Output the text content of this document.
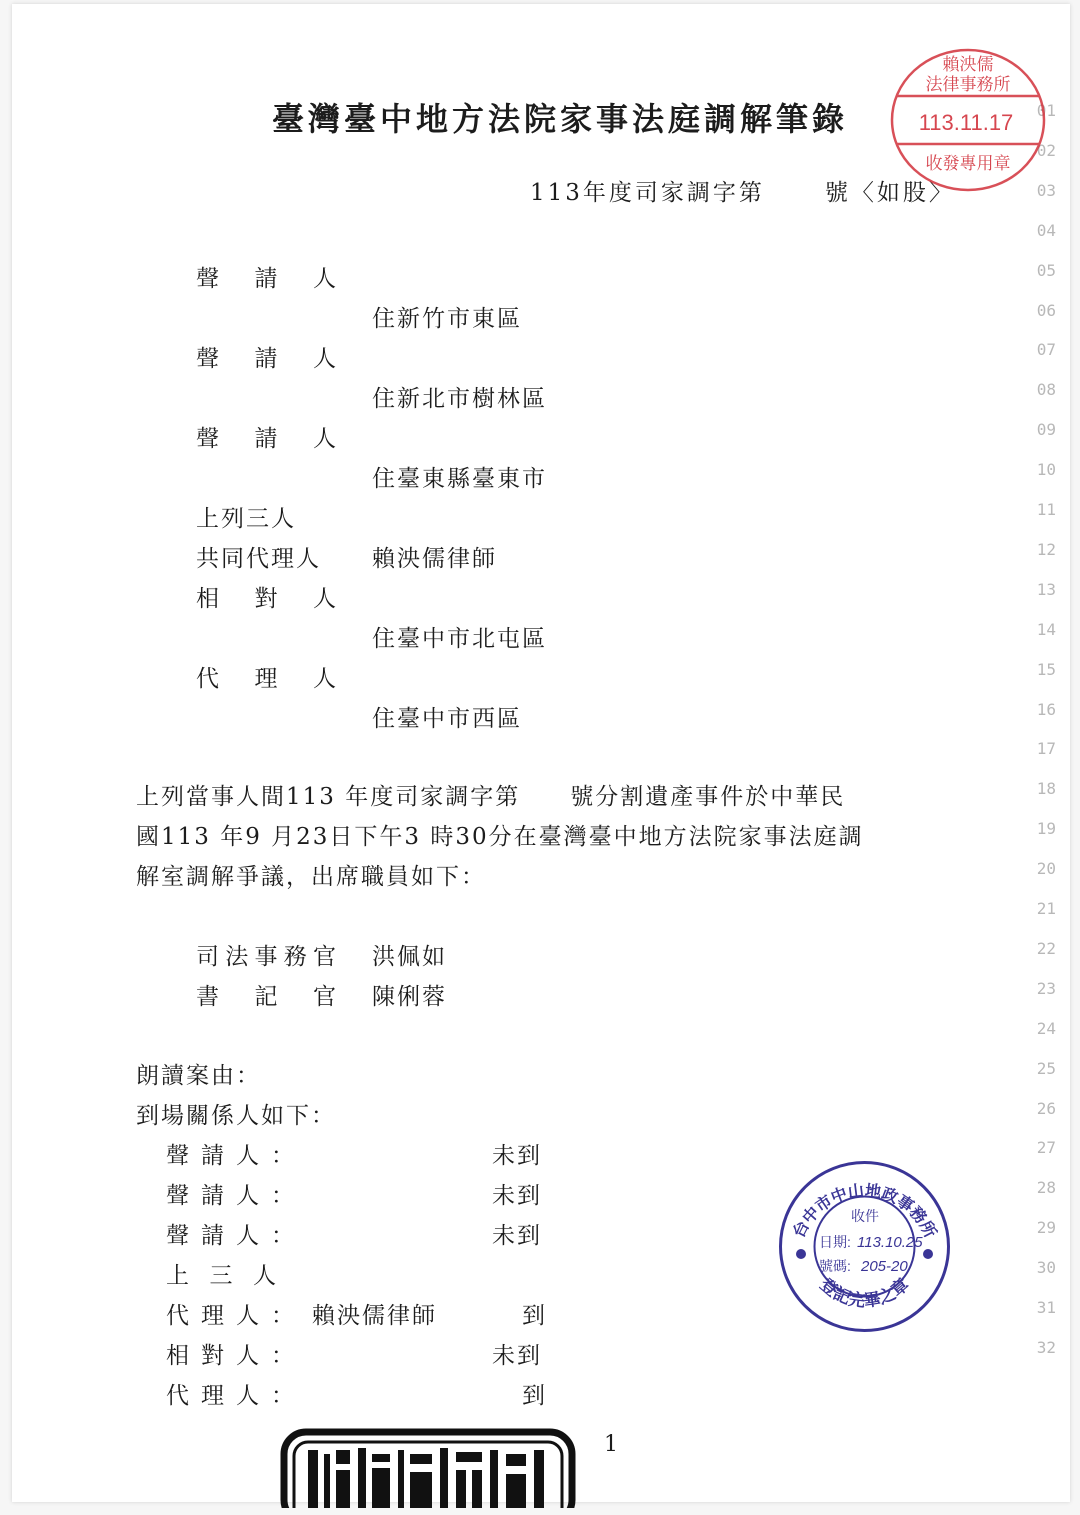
臺灣臺中地方法院家事法庭調解筆錄
113年度司家調字第	號〈如股〉
聲 請 人
住新竹市東區
聲 請 人
住新北市樹林區
聲 請 人
住臺東縣臺東市
上列三人
共同代理人 賴泱儒律師
相 對 人
住臺中市北屯區
代 理 人
住臺中市西區
上列當事人間113 年度司家調字第　　號分割遺產事件於中華民
國113 年9 月23日下午3 時30分在臺灣臺中地方法院家事法庭調
解室調解爭議，出席職員如下：
司 法 事 務 官 洪佩如
書 記 官 陳俐蓉
朗讀案由：
到場關係人如下：
聲 請 人 ：	未到
聲 請 人 ：	未到
聲 請 人 ：	未到
上 三 人
代 理 人 ： 賴泱儒律師	到
相 對 人 ：	未到
代 理 人 ：	到
01
02
03
04
05
06
07
08
09
10
11
12
13
14
15
16
17
18
19
20
21
22
23
24
25
26
27
28
29
30
31
32
1
賴泱儒
法律事務所
113.11.17
收發專用章
台中市中山地政事務所
登記完畢之章
收件
日期: 113.10.25
號碼: 205-20
